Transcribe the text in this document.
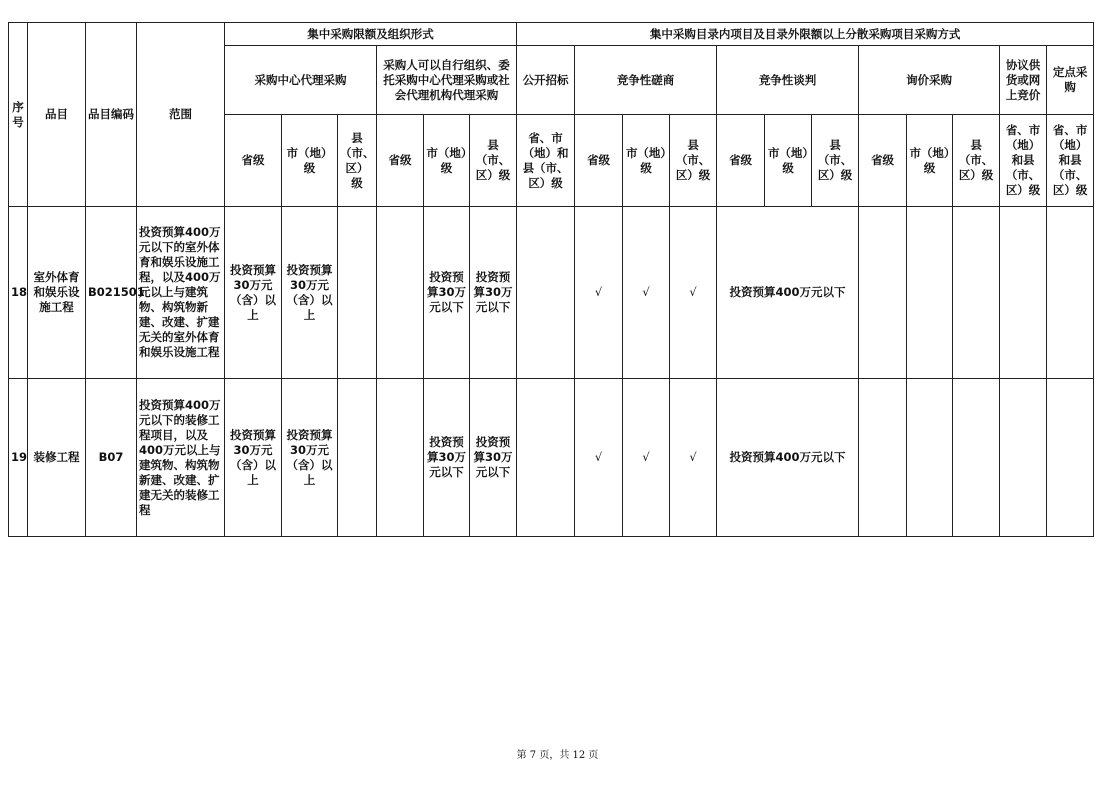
序号	品目	品目编码	范围	集中采购限额及组织形式						集中采购目录内项目及目录外限额以上分散采购项目采购方式											
				采购中心代理采购			采购人可以自行组织、委托采购中心代理采购或社会代理机构代理采购			公开招标	竞争性磋商			竞争性谈判			询价采购			协议供货或网上竞价	定点采购
				省级	市（地）级	县（市、区）级	省级	市（地）级	县（市、区）级	省、市（地）和县（市、区）级	省级	市（地）级	县（市、区）级	省级	市（地）级	县（市、区）级	省级	市（地）级	县（市、区）级	省、市（地）和县（市、区）级	省、市（地）和县（市、区）级
18	室外体育和娱乐设施工程	B021501	投资预算400万元以下的室外体育和娱乐设施工程，以及400万元以上与建筑物、构筑物新建、改建、扩建无关的室外体育和娱乐设施工程	投资预算30万元（含）以上	投资预算30万元（含）以上			投资预算30万元以下	投资预算30万元以下		√	√	√	投资预算400万元以下							
19	装修工程	B07	投资预算400万元以下的装修工程项目，以及400万元以上与建筑物、构筑物新建、改建、扩建无关的装修工程	投资预算30万元（含）以上	投资预算30万元（含）以上			投资预算30万元以下	投资预算30万元以下		√	√	√	投资预算400万元以下							
第 7 页，共 12 页
